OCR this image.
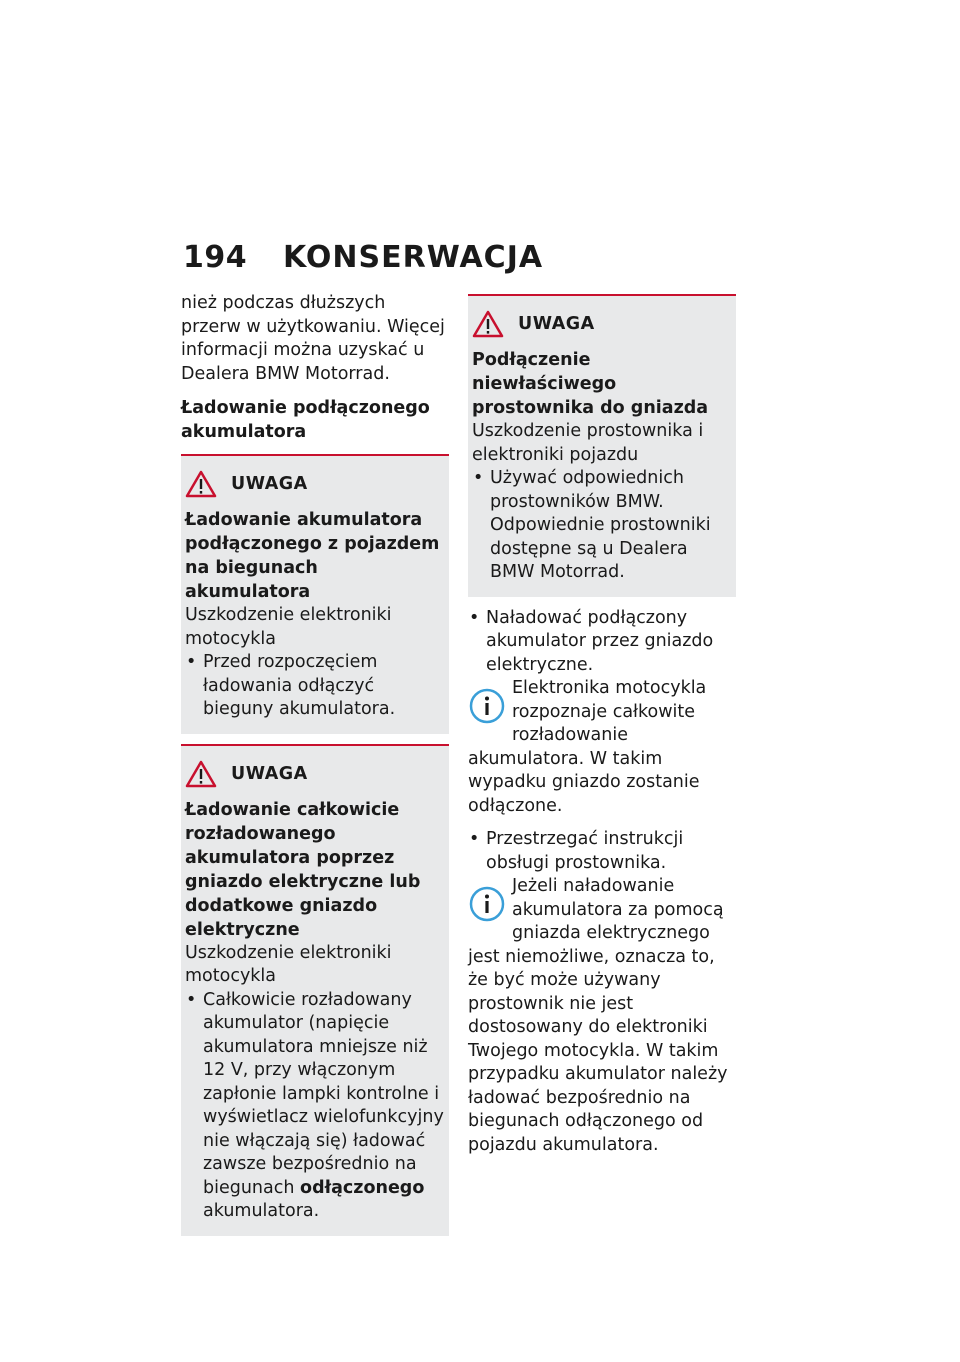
194	KONSERWACJA

nież podczas dłuższych przerw w użytkowaniu. Więcej informacji można uzyskać u Dealera BMW Motorrad.

Ładowanie podłączonego akumulatora
UWAGA
Ładowanie akumulatora podłączonego z pojazdem na biegunach akumulatora
Uszkodzenie elektroniki motocykla
• Przed rozpoczęciem ładowania odłączyć bieguny akumulatora.
UWAGA
Ładowanie całkowicie rozładowanego akumulatora poprzez gniazdo elektryczne lub dodatkowe gniazdo elektryczne
Uszkodzenie elektroniki motocykla
• Całkowicie rozładowany akumulator (napięcie akumulatora mniejsze niż 12 V, przy włączonym zapłonie lampki kontrolne i wyświetlacz wielofunkcyjny nie włączają się) ładować zawsze bezpośrednio na biegunach odłączonego akumulatora.
UWAGA
Podłączenie niewłaściwego prostownika do gniazda
Uszkodzenie prostownika i elektroniki pojazdu
• Używać odpowiednich prostowników BMW. Odpowiednie prostowniki dostępne są u Dealera BMW Motorrad.
• Naładować podłączony akumulator przez gniazdo elektryczne.
Elektronika motocykla rozpoznaje całkowite rozładowanie akumulatora. W takim wypadku gniazdo zostanie odłączone.
• Przestrzegać instrukcji obsługi prostownika.
Jeżeli naładowanie akumulatora za pomocą gniazda elektrycznego jest niemożliwe, oznacza to, że być może używany prostownik nie jest dostosowany do elektroniki Twojego motocykla. W takim przypadku akumulator należy ładować bezpośrednio na biegunach odłączonego od pojazdu akumulatora.
